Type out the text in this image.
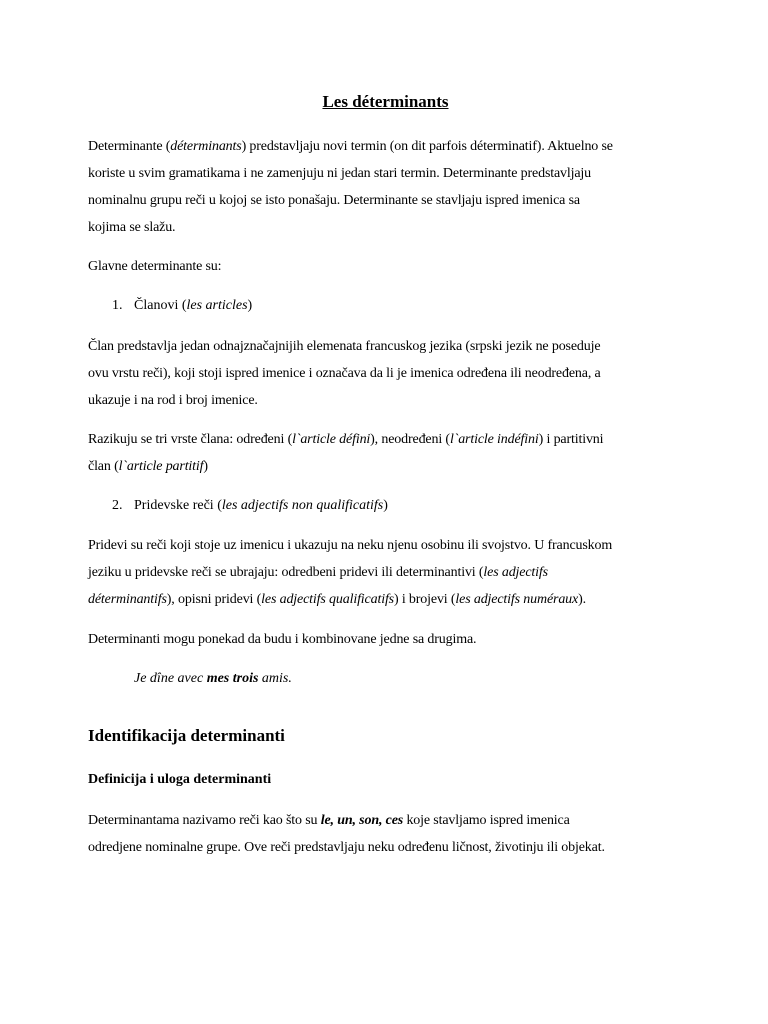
Les déterminants

Determinante (déterminants) predstavljaju novi termin (on dit parfois déterminatif). Aktuelno se
koriste u svim gramatikama i ne zamenjuju ni jedan stari termin. Determinante predstavljaju
nominalnu grupu reči u kojoj se isto ponašaju. Determinante se stavljaju ispred imenica sa
kojima se slažu.

Glavne determinante su:

1. Članovi (les articles)

Član predstavlja jedan odnajznačajnijih elemenata francuskog jezika (srpski jezik ne poseduje
ovu vrstu reči), koji stoji ispred imenice i označava da li je imenica određena ili neodređena, a
ukazuje i na rod i broj imenice.

Razikuju se tri vrste člana: određeni (l`article défini), neodređeni (l`article indéfini) i partitivni
član (l`article partitif)

2. Pridevske reči (les adjectifs non qualificatifs)

Pridevi su reči koji stoje uz imenicu i ukazuju na neku njenu osobinu ili svojstvo. U francuskom
jeziku u pridevske reči se ubrajaju: odredbeni pridevi ili determinantivi (les adjectifs
déterminantifs), opisni pridevi (les adjectifs qualificatifs) i brojevi (les adjectifs numéraux).

Determinanti mogu ponekad da budu i kombinovane jedne sa drugima.

Je dîne avec mes trois amis.

Identifikacija determinanti
Definicija i uloga determinanti

Determinantama nazivamo reči kao što su le, un, son, ces koje stavljamo ispred imenica
odredjene nominalne grupe. Ove reči predstavljaju neku određenu ličnost, životinju ili objekat.
